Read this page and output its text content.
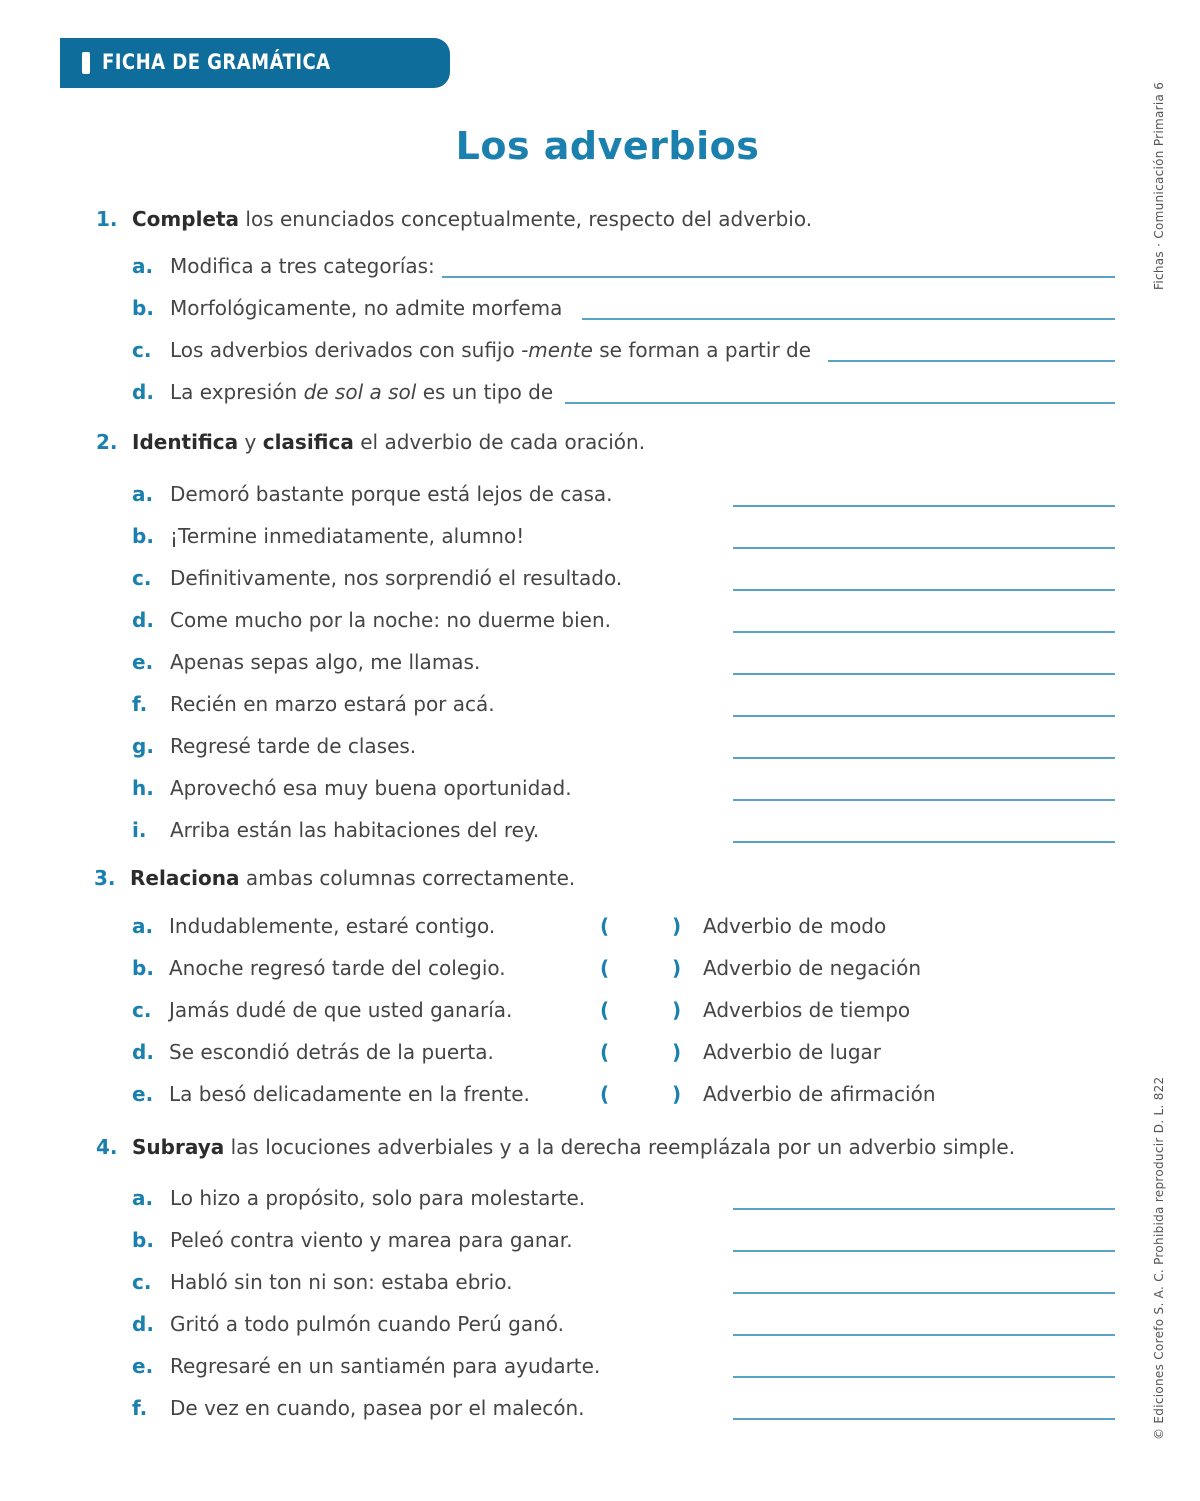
FICHA DE GRAMÁTICA
Los adverbios	Fichas · Comunicación Primaria 6
© Ediciones Corefo S. A. C. Prohibida reproducir D. L. 822
1. Completa los enunciados conceptualmente, respecto del adverbio.
a. Modifica a tres categorías:
b. Morfológicamente, no admite morfema
c. Los adverbios derivados con sufijo -mente se forman a partir de
d. La expresión de sol a sol es un tipo de
2. Identifica y clasifica el adverbio de cada oración.
a. Demoró bastante porque está lejos de casa.
b. ¡Termine inmediatamente, alumno!
c. Definitivamente, nos sorprendió el resultado.
d. Come mucho por la noche: no duerme bien.
e. Apenas sepas algo, me llamas.
f. Recién en marzo estará por acá.
g. Regresé tarde de clases.
h. Aprovechó esa muy buena oportunidad.
i. Arriba están las habitaciones del rey.
3. Relaciona ambas columnas correctamente.
a. Indudablemente, estaré contigo.	(	) Adverbio de modo
b. Anoche regresó tarde del colegio.	(	) Adverbio de negación
c. Jamás dudé de que usted ganaría.	(	) Adverbios de tiempo
d. Se escondió detrás de la puerta.	(	) Adverbio de lugar
e. La besó delicadamente en la frente.	(	) Adverbio de afirmación
4. Subraya las locuciones adverbiales y a la derecha reemplázala por un adverbio simple.
a. Lo hizo a propósito, solo para molestarte.
b. Peleó contra viento y marea para ganar.
c. Habló sin ton ni son: estaba ebrio.
d. Gritó a todo pulmón cuando Perú ganó.
e. Regresaré en un santiamén para ayudarte.
f. De vez en cuando, pasea por el malecón.
